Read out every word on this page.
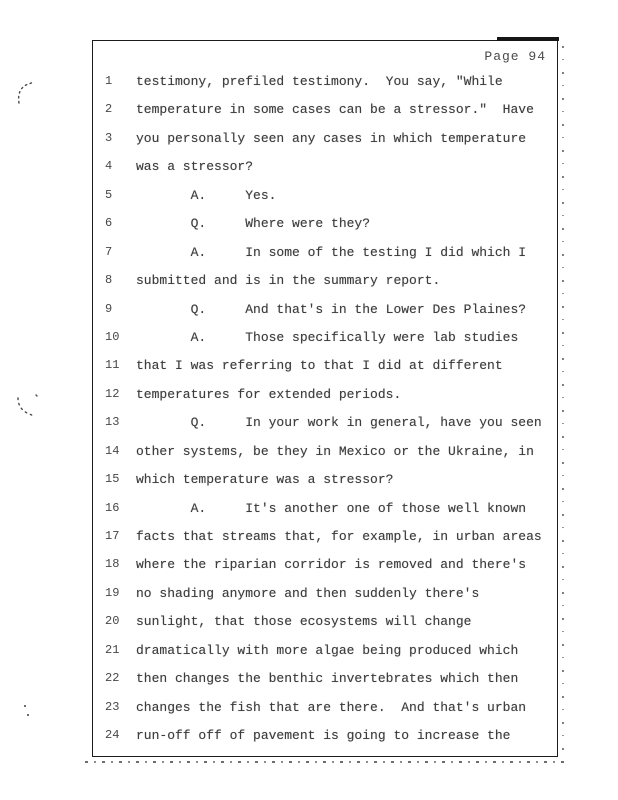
Page 94
1	testimony, prefiled testimony.  You say, "While
2	temperature in some cases can be a stressor."  Have
3	you personally seen any cases in which temperature
4	was a stressor?
5	A.     Yes.
6	Q.     Where were they?
7	A.     In some of the testing I did which I
8	submitted and is in the summary report.
9	Q.     And that's in the Lower Des Plaines?
10	A.     Those specifically were lab studies
11	that I was referring to that I did at different
12	temperatures for extended periods.
13	Q.     In your work in general, have you seen
14	other systems, be they in Mexico or the Ukraine, in
15	which temperature was a stressor?
16	A.     It's another one of those well known
17	facts that streams that, for example, in urban areas
18	where the riparian corridor is removed and there's
19	no shading anymore and then suddenly there's
20	sunlight, that those ecosystems will change
21	dramatically with more algae being produced which
22	then changes the benthic invertebrates which then
23	changes the fish that are there.  And that's urban
24	run-off off of pavement is going to increase the
